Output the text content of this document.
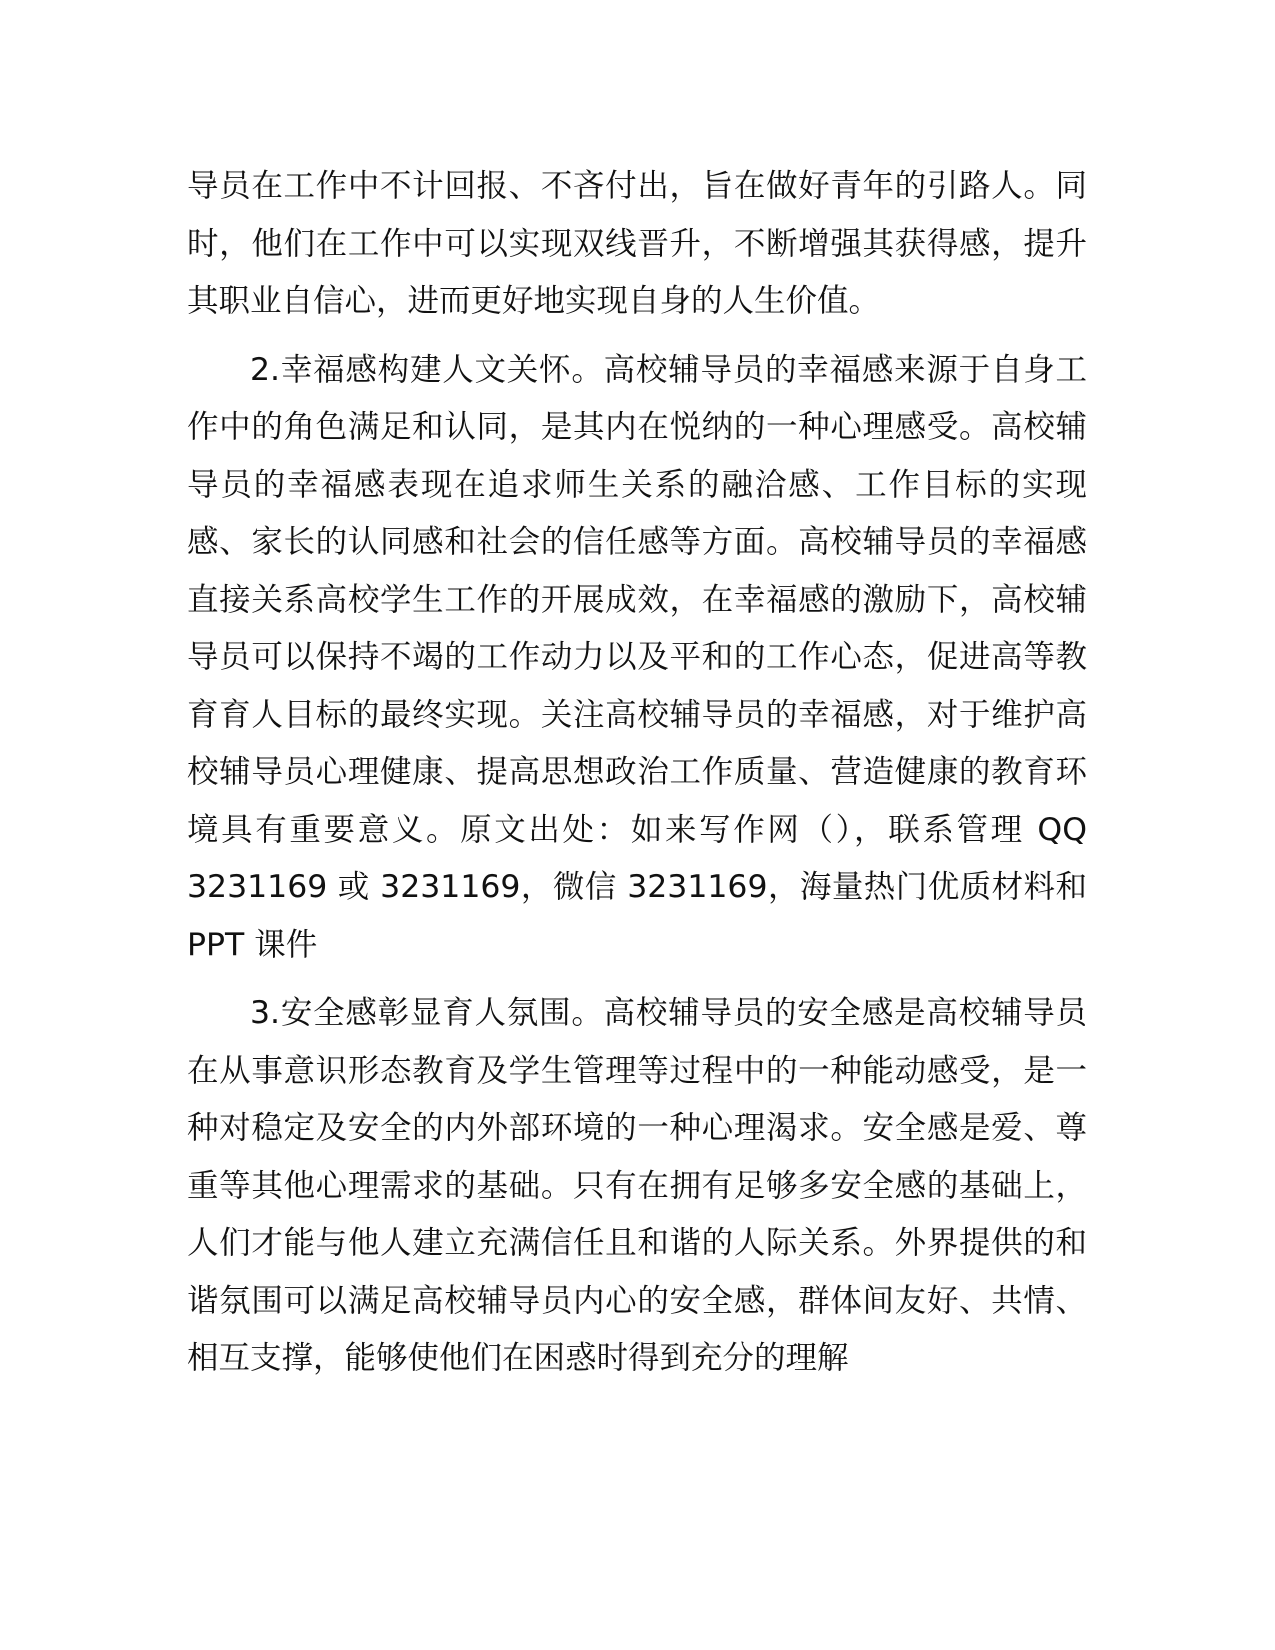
导员在工作中不计回报、不吝付出，旨在做好青年的引路人。同时，他们在工作中可以实现双线晋升，不断增强其获得感，提升其职业自信心，进而更好地实现自身的人生价值。

2.幸福感构建人文关怀。高校辅导员的幸福感来源于自身工作中的角色满足和认同，是其内在悦纳的一种心理感受。高校辅导员的幸福感表现在追求师生关系的融洽感、工作目标的实现感、家长的认同感和社会的信任感等方面。高校辅导员的幸福感直接关系高校学生工作的开展成效，在幸福感的激励下，高校辅导员可以保持不竭的工作动力以及平和的工作心态，促进高等教育育人目标的最终实现。关注高校辅导员的幸福感，对于维护高校辅导员心理健康、提高思想政治工作质量、营造健康的教育环境具有重要意义。原文出处：如来写作网（），联系管理 QQ 3231169 或 3231169，微信 3231169，海量热门优质材料和 PPT 课件

3.安全感彰显育人氛围。高校辅导员的安全感是高校辅导员在从事意识形态教育及学生管理等过程中的一种能动感受，是一种对稳定及安全的内外部环境的一种心理渴求。安全感是爱、尊重等其他心理需求的基础。只有在拥有足够多安全感的基础上，人们才能与他人建立充满信任且和谐的人际关系。外界提供的和谐氛围可以满足高校辅导员内心的安全感，群体间友好、共情、相互支撑，能够使他们在困惑时得到充分的理解
